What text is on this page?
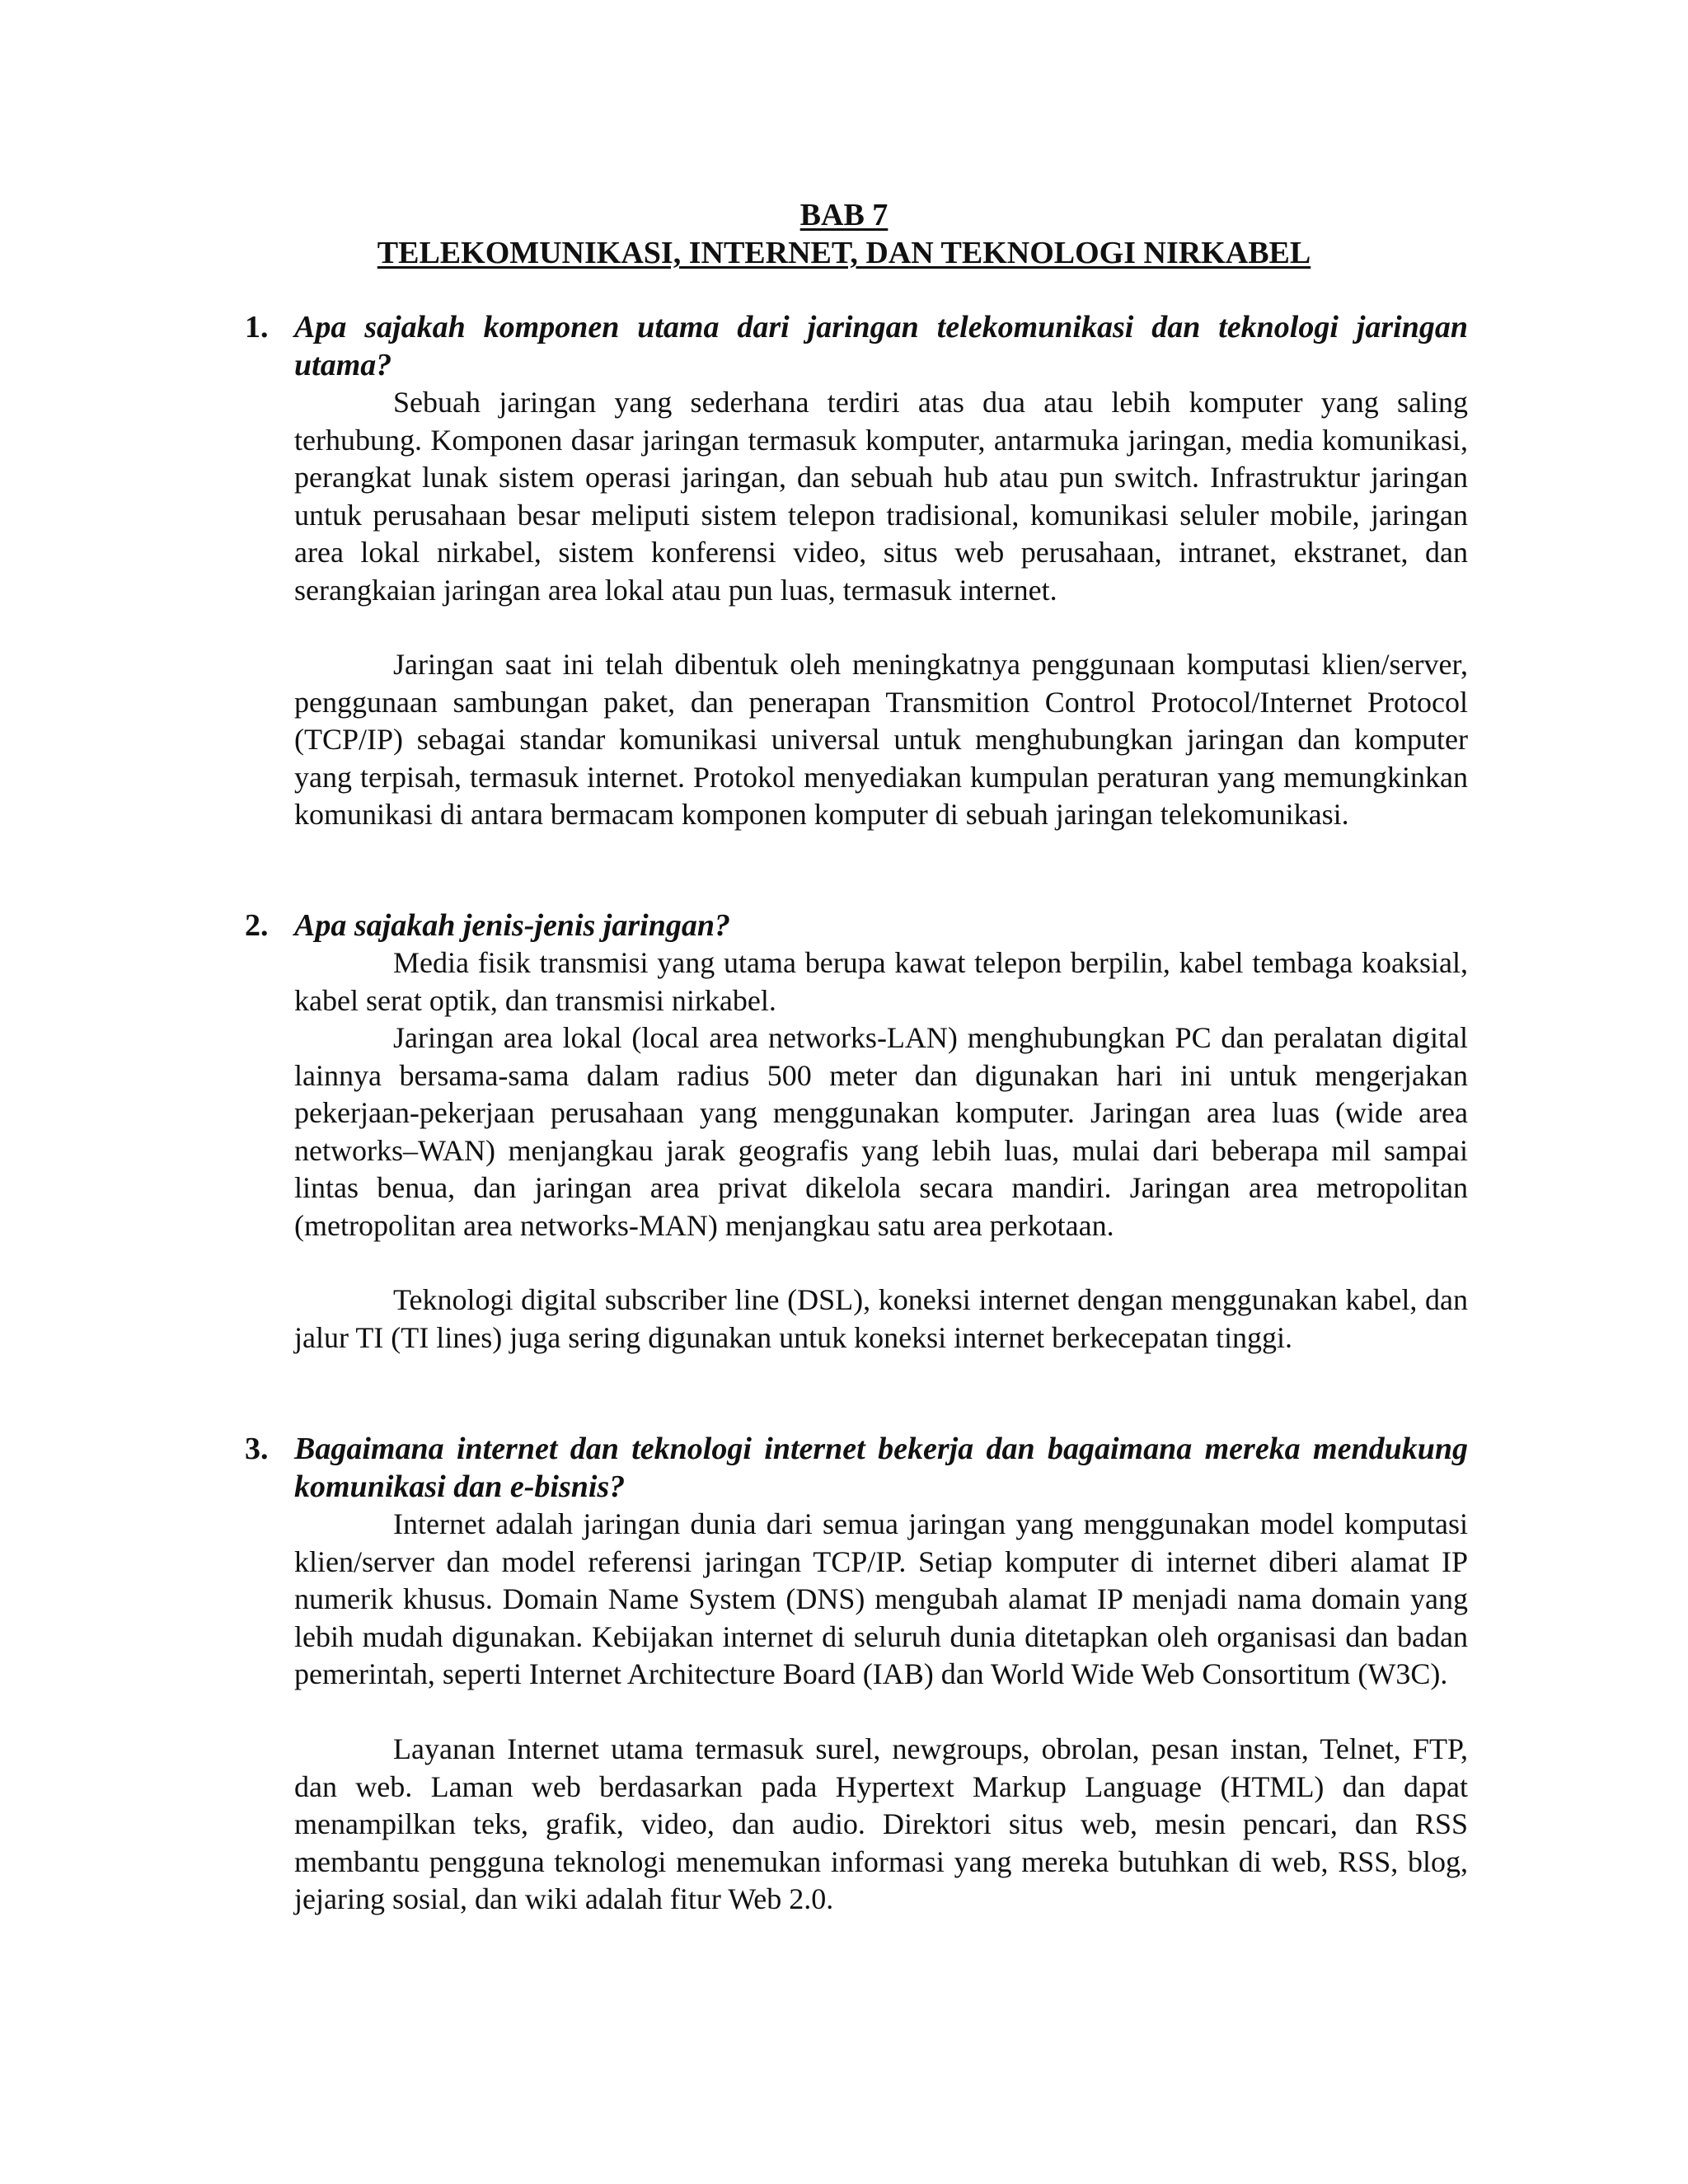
BAB 7
TELEKOMUNIKASI, INTERNET, DAN TEKNOLOGI NIRKABEL
1. Apa sajakah komponen utama dari jaringan telekomunikasi dan teknologi jaringan utama?

Sebuah jaringan yang sederhana terdiri atas dua atau lebih komputer yang saling terhubung. Komponen dasar jaringan termasuk komputer, antarmuka jaringan, media komunikasi, perangkat lunak sistem operasi jaringan, dan sebuah hub atau pun switch. Infrastruktur jaringan untuk perusahaan besar meliputi sistem telepon tradisional, komunikasi seluler mobile, jaringan area lokal nirkabel, sistem konferensi video, situs web perusahaan, intranet, ekstranet, dan serangkaian jaringan area lokal atau pun luas, termasuk internet.

Jaringan saat ini telah dibentuk oleh meningkatnya penggunaan komputasi klien/server, penggunaan sambungan paket, dan penerapan Transmition Control Protocol/Internet Protocol (TCP/IP) sebagai standar komunikasi universal untuk menghubungkan jaringan dan komputer yang terpisah, termasuk internet. Protokol menyediakan kumpulan peraturan yang memungkinkan komunikasi di antara bermacam komponen komputer di sebuah jaringan telekomunikasi.

2. Apa sajakah jenis-jenis jaringan?

Media fisik transmisi yang utama berupa kawat telepon berpilin, kabel tembaga koaksial, kabel serat optik, dan transmisi nirkabel.

Jaringan area lokal (local area networks-LAN) menghubungkan PC dan peralatan digital lainnya bersama-sama dalam radius 500 meter dan digunakan hari ini untuk mengerjakan pekerjaan-pekerjaan perusahaan yang menggunakan komputer. Jaringan area luas (wide area networks–WAN) menjangkau jarak geografis yang lebih luas, mulai dari beberapa mil sampai lintas benua, dan jaringan area privat dikelola secara mandiri. Jaringan area metropolitan (metropolitan area networks-MAN) menjangkau satu area perkotaan.

Teknologi digital subscriber line (DSL), koneksi internet dengan menggunakan kabel, dan jalur TI (TI lines) juga sering digunakan untuk koneksi internet berkecepatan tinggi.

3. Bagaimana internet dan teknologi internet bekerja dan bagaimana mereka mendukung komunikasi dan e-bisnis?

Internet adalah jaringan dunia dari semua jaringan yang menggunakan model komputasi klien/server dan model referensi jaringan TCP/IP. Setiap komputer di internet diberi alamat IP numerik khusus. Domain Name System (DNS) mengubah alamat IP menjadi nama domain yang lebih mudah digunakan. Kebijakan internet di seluruh dunia ditetapkan oleh organisasi dan badan pemerintah, seperti Internet Architecture Board (IAB) dan World Wide Web Consortitum (W3C).

Layanan Internet utama termasuk surel, newgroups, obrolan, pesan instan, Telnet, FTP, dan web. Laman web berdasarkan pada Hypertext Markup Language (HTML) dan dapat menampilkan teks, grafik, video, dan audio. Direktori situs web, mesin pencari, dan RSS membantu pengguna teknologi menemukan informasi yang mereka butuhkan di web, RSS, blog, jejaring sosial, dan wiki adalah fitur Web 2.0.
